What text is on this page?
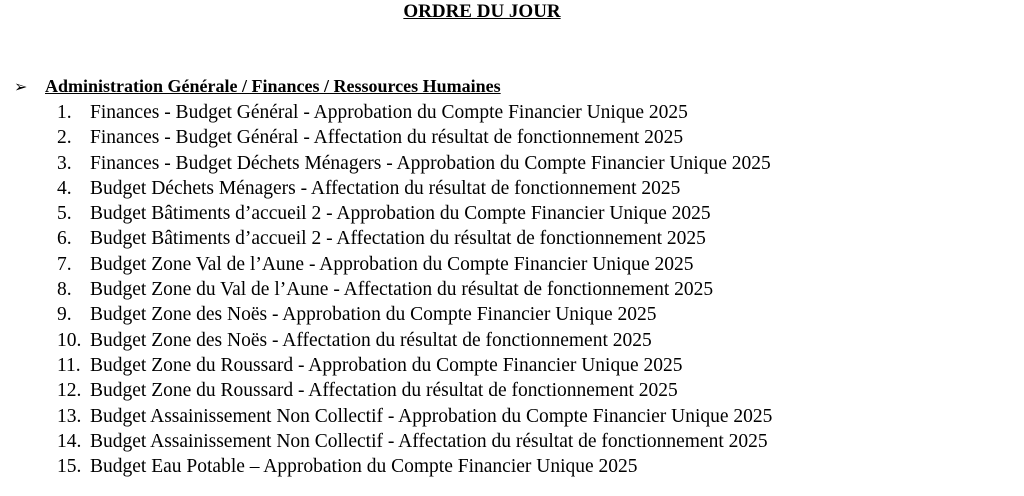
ORDRE DU JOUR
➢ Administration Générale / Finances / Ressources Humaines
1. Finances - Budget Général - Approbation du Compte Financier Unique 2025
2. Finances - Budget Général - Affectation du résultat de fonctionnement 2025
3. Finances - Budget Déchets Ménagers - Approbation du Compte Financier Unique 2025
4. Budget Déchets Ménagers - Affectation du résultat de fonctionnement 2025
5. Budget Bâtiments d’accueil 2 - Approbation du Compte Financier Unique 2025
6. Budget Bâtiments d’accueil 2 - Affectation du résultat de fonctionnement 2025
7. Budget Zone Val de l’Aune - Approbation du Compte Financier Unique 2025
8. Budget Zone du Val de l’Aune - Affectation du résultat de fonctionnement 2025
9. Budget Zone des Noës - Approbation du Compte Financier Unique 2025
10. Budget Zone des Noës - Affectation du résultat de fonctionnement 2025
11. Budget Zone du Roussard - Approbation du Compte Financier Unique 2025
12. Budget Zone du Roussard - Affectation du résultat de fonctionnement 2025
13. Budget Assainissement Non Collectif - Approbation du Compte Financier Unique 2025
14. Budget Assainissement Non Collectif - Affectation du résultat de fonctionnement 2025
15. Budget Eau Potable – Approbation du Compte Financier Unique 2025
